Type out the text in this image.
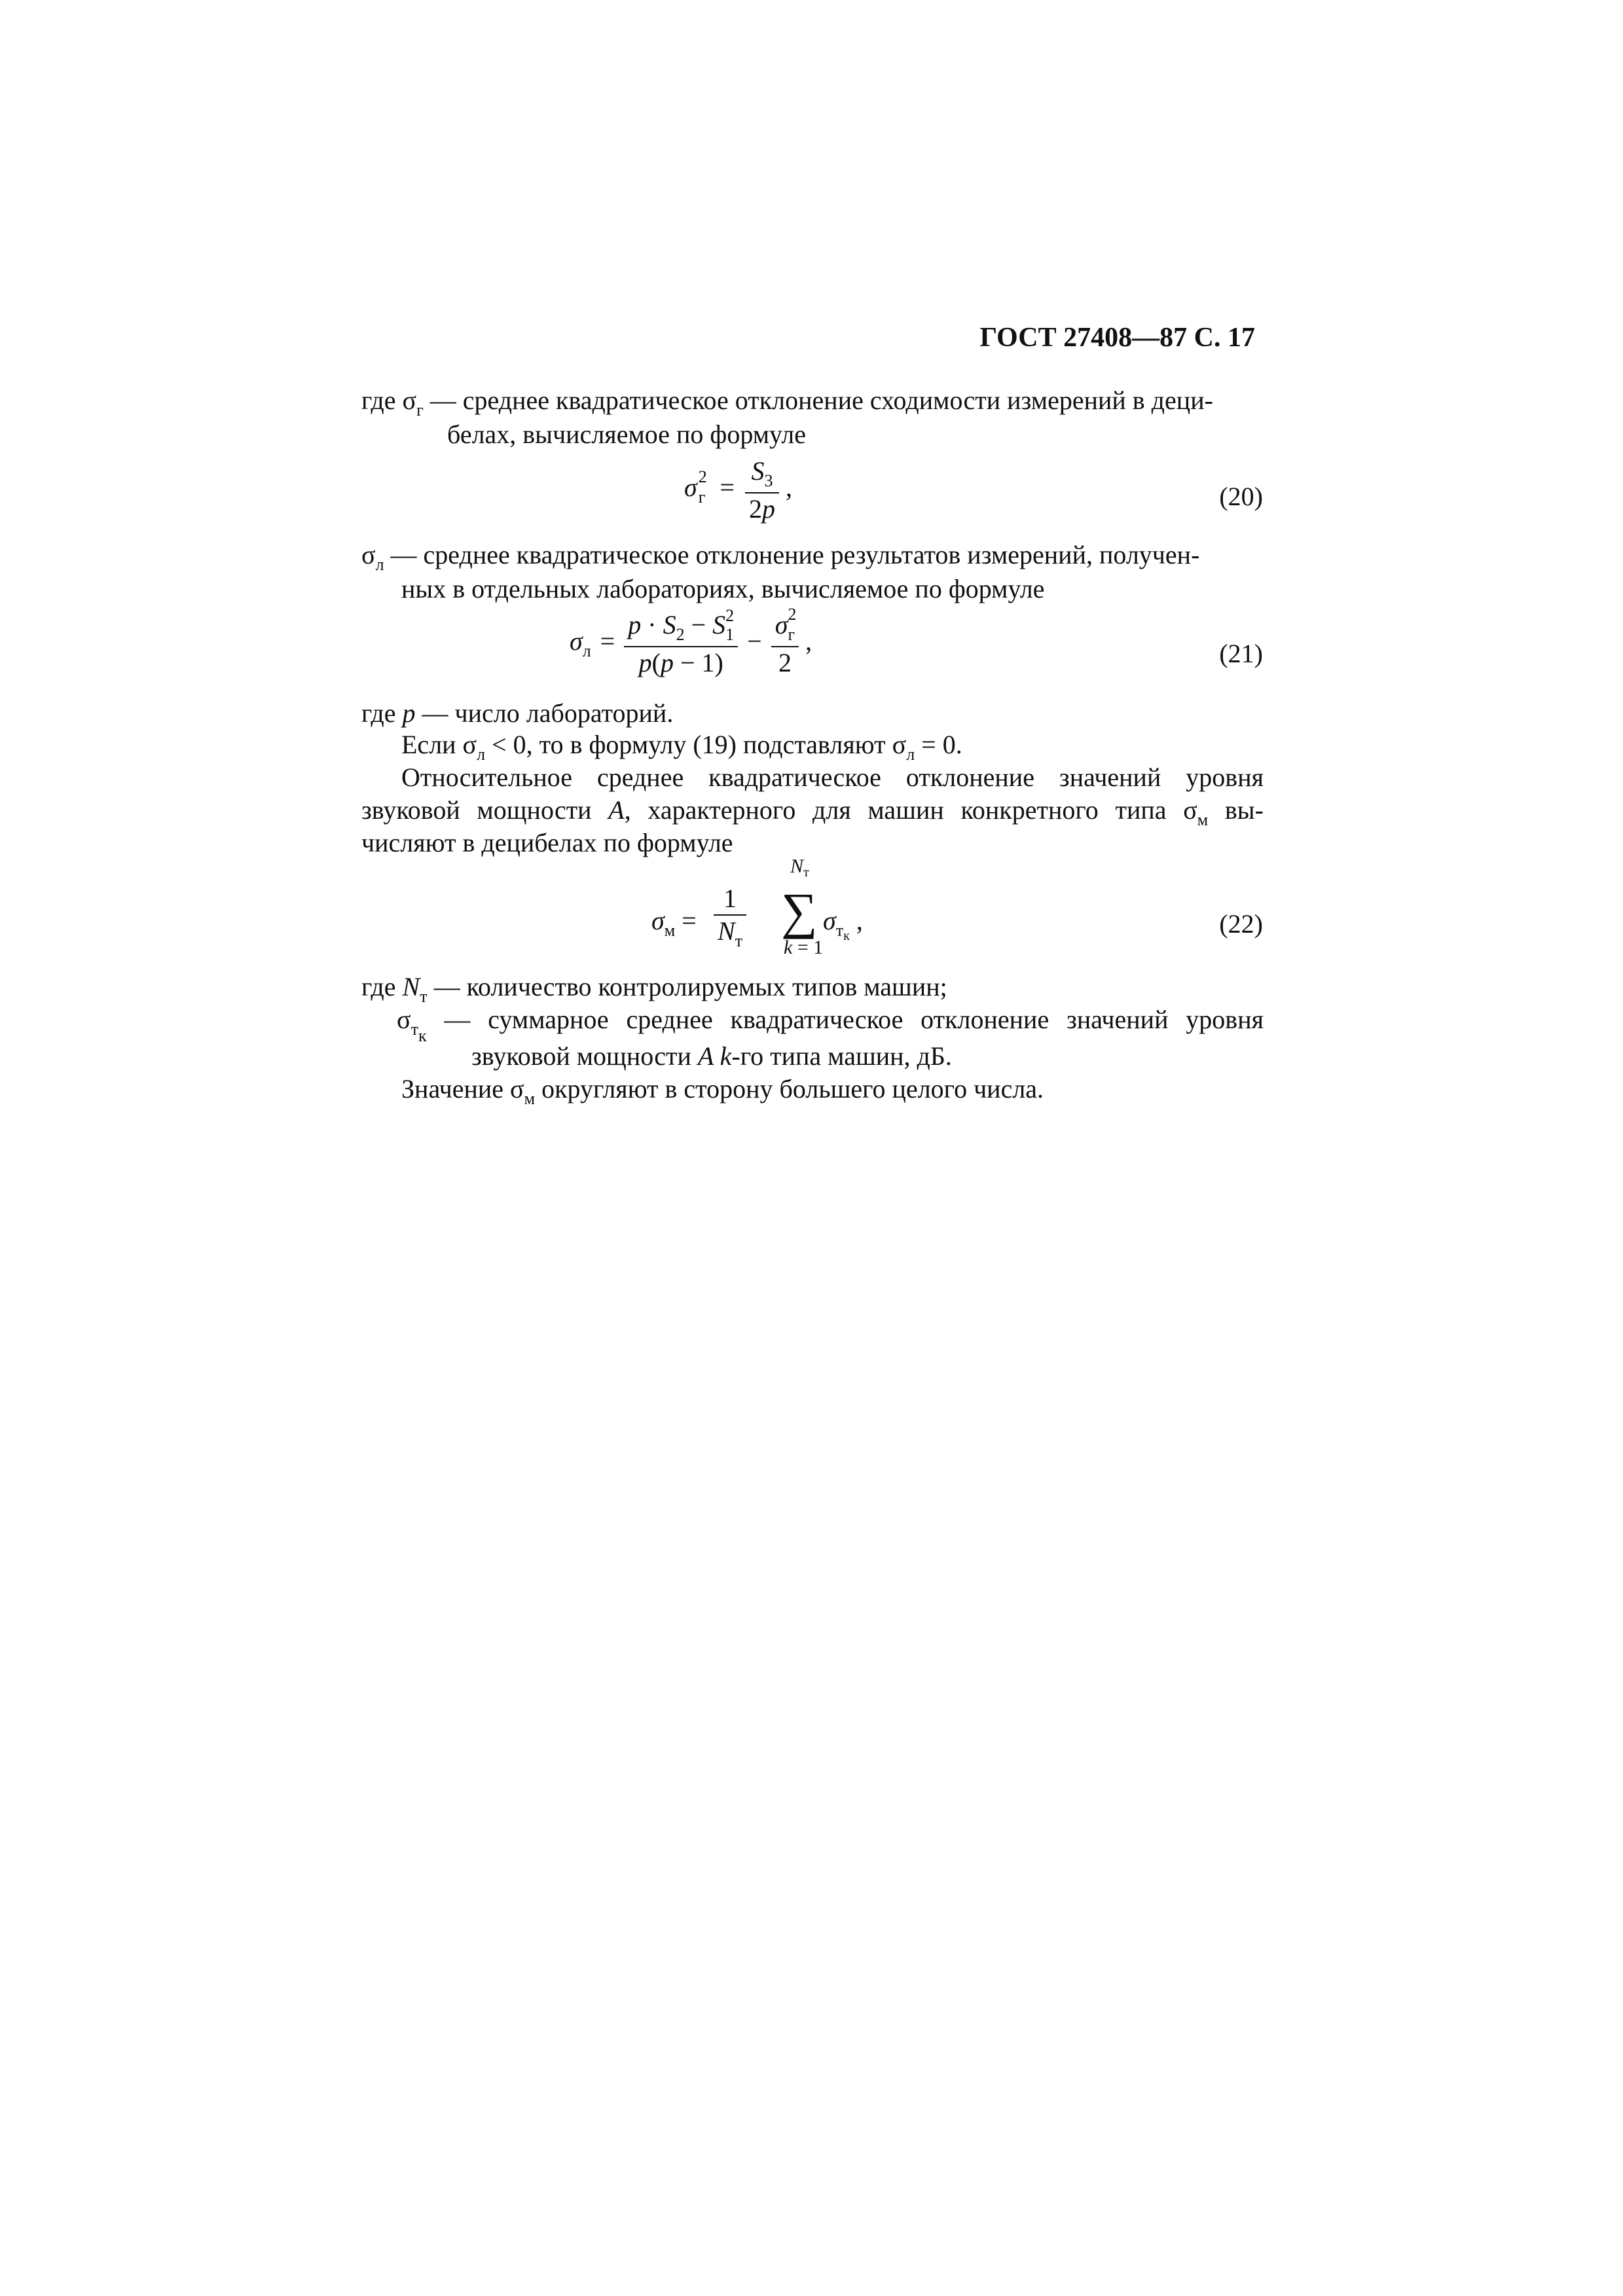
ГОСТ 27408—87 С. 17
где $\sigma_г$ — среднее квадратическое отклонение сходимости измерений в деци-
белах, вычисляемое по формуле
σ 2
$_г = \frac{S_3}{2p}$ ,	(20)
$\sigma_л$ — среднее квадратическое отклонение результатов измерений, получен-
ных в отдельных лабораториях, вычисляемое по формуле
$\sigma_л = p \cdot S_2 - S$ 2
$_1$
p(p − 1) − σ 2
$_г$
2 ,	(21)
где p — число лабораторий.
Если $\sigma_л < 0$, то в формулу (19) подставляют $\sigma_л = 0$.
Относительное среднее квадратическое отклонение значений уровня
звуковой мощности A, характерного для машин конкретного типа $\sigma_м$ вы-
числяют в децибелах по формуле
$\sigma_м$ =
1
$N_т$
$N_т$
∑
k = 1
$\sigma_{т_к}$ ,	(22)
где $N_т$ — количество контролируемых типов машин;
$\sigma_{тк}$ — суммарное среднее квадратическое отклонение значений уровня
звуковой мощности A k-го типа машин, дБ.
Значение $\sigma_м$ округляют в сторону большего целого числа.
